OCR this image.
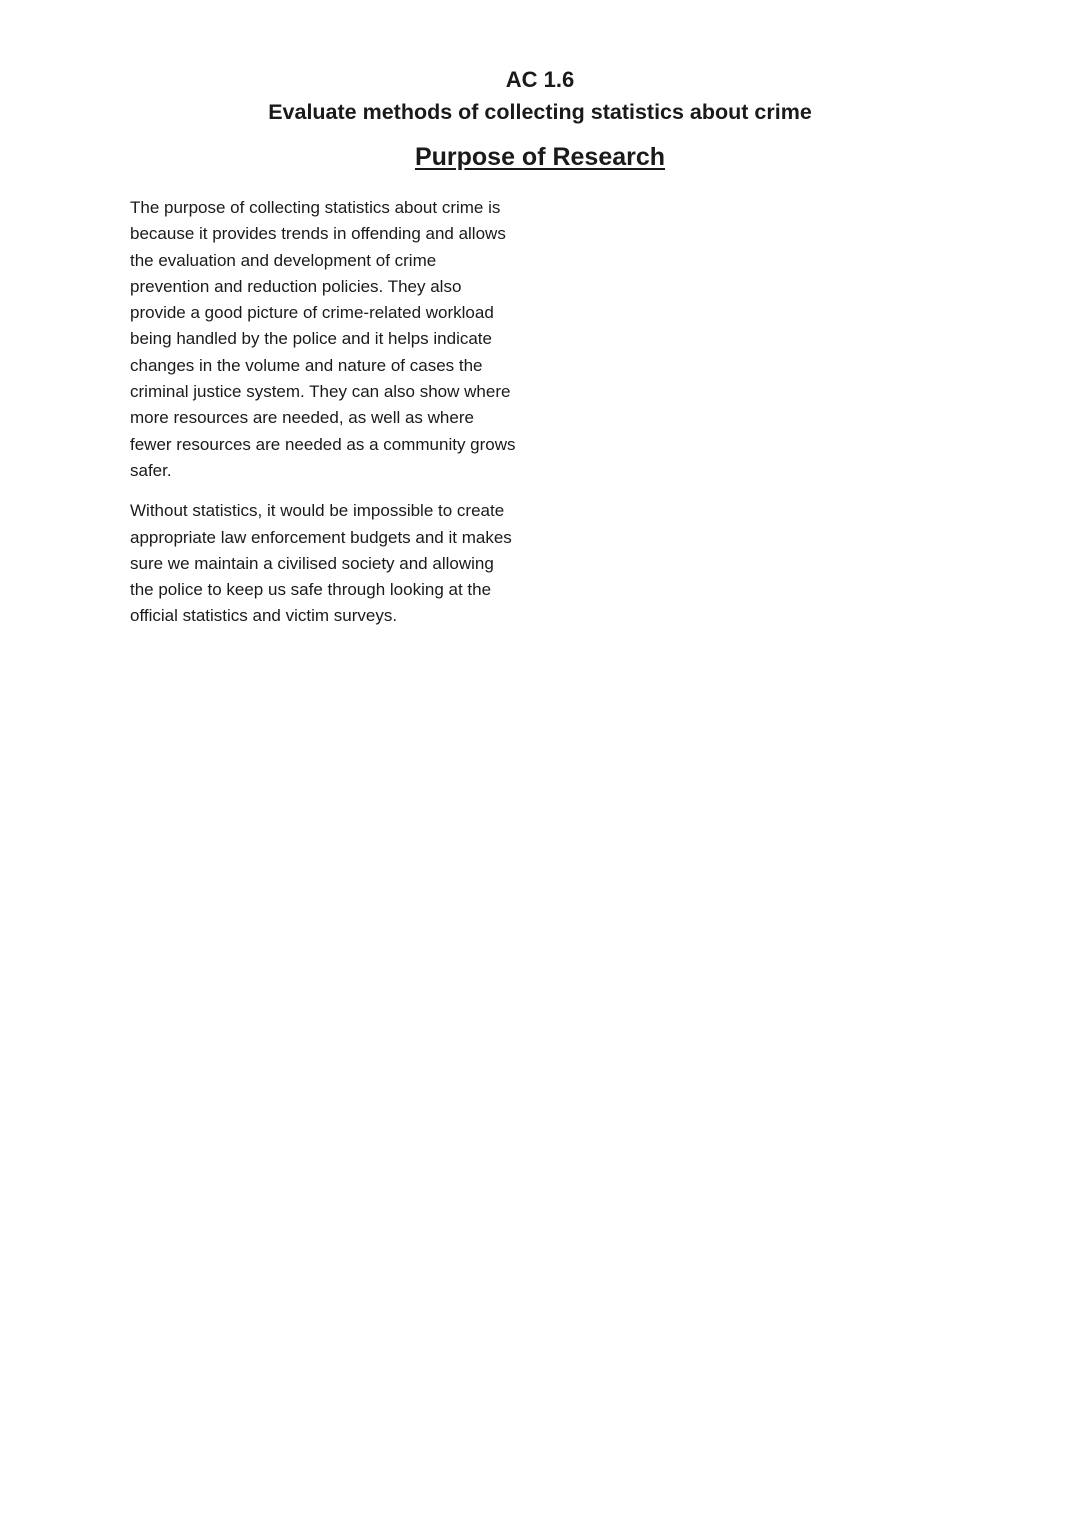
AC 1.6
Evaluate methods of collecting statistics about crime
Purpose of Research

The purpose of collecting statistics about crime is because it provides trends in offending and allows the evaluation and development of crime prevention and reduction policies. They also provide a good picture of crime-related workload being handled by the police and it helps indicate changes in the volume and nature of cases the criminal justice system. They can also show where more resources are needed, as well as where fewer resources are needed as a community grows safer.

Without statistics, it would be impossible to create appropriate law enforcement budgets and it makes sure we maintain a civilised society and allowing the police to keep us safe through looking at the official statistics and victim surveys.
